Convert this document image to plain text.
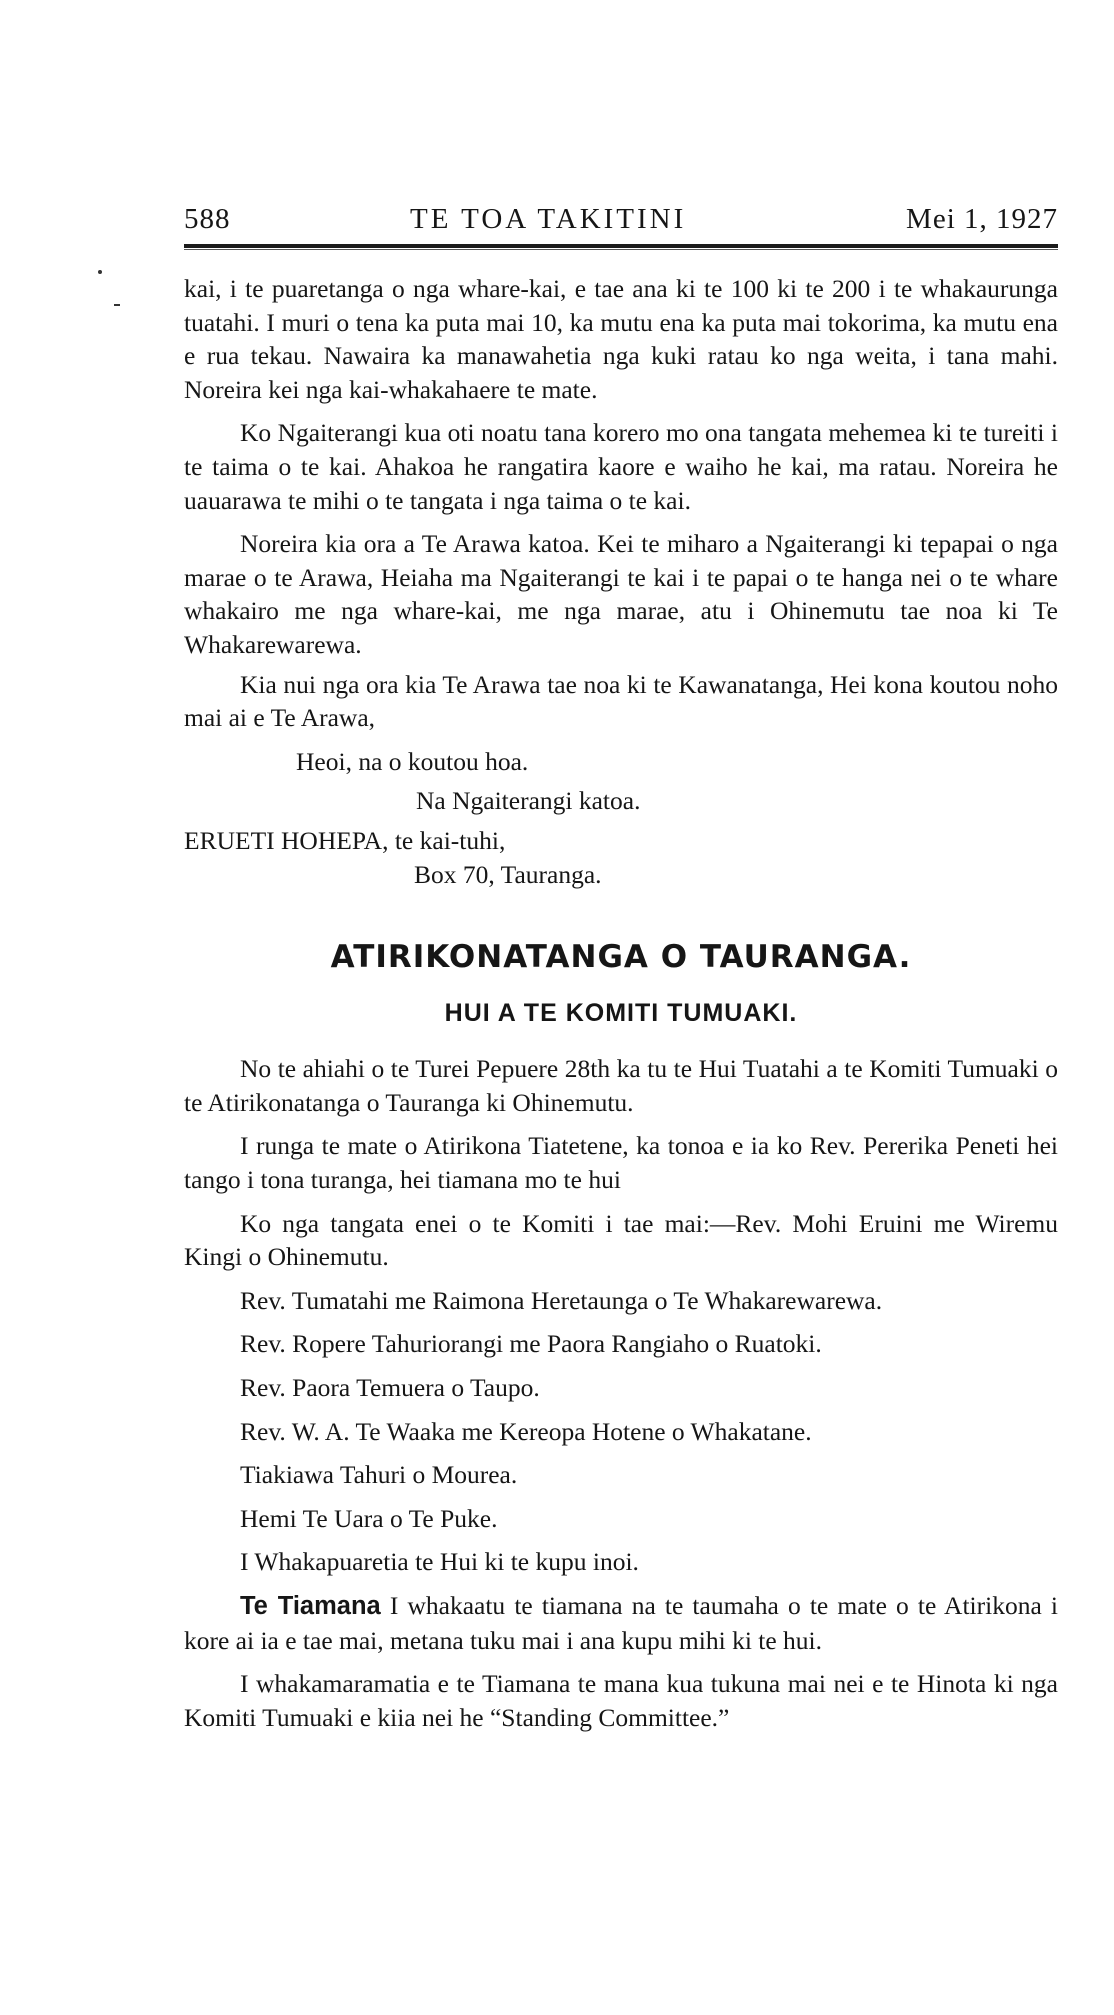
588	TE TOA TAKITINI	Mei 1, 1927

kai, i te puaretanga o nga whare-kai, e tae ana ki te 100 ki te 200 i te whakaurunga tuatahi. I muri o tena ka puta mai 10, ka mutu ena ka puta mai tokorima, ka mutu ena e rua tekau. Nawaira ka manawahetia nga kuki ratau ko nga weita, i tana mahi. Noreira kei nga kai-whakahaere te mate.

Ko Ngaiterangi kua oti noatu tana korero mo ona tangata mehemea ki te tureiti i te taima o te kai. Ahakoa he rangatira kaore e waiho he kai, ma ratau. Noreira he uauarawa te mihi o te tangata i nga taima o te kai.

Noreira kia ora a Te Arawa katoa. Kei te miharo a Ngaiterangi ki tepapai o nga marae o te Arawa, Heiaha ma Ngaiterangi te kai i te papai o te hanga nei o te whare whakairo me nga whare-kai, me nga marae, atu i Ohinemutu tae noa ki Te Whakarewarewa.

Kia nui nga ora kia Te Arawa tae noa ki te Kawanatanga, Hei kona koutou noho mai ai e Te Arawa,

Heoi, na o koutou hoa.

Na Ngaiterangi katoa.

ERUETI HOHEPA, te kai-tuhi,

Box 70, Tauranga.

ATIRIKONATANGA O TAURANGA.

HUI A TE KOMITI TUMUAKI.

No te ahiahi o te Turei Pepuere 28th ka tu te Hui Tuatahi a te Komiti Tumuaki o te Atirikonatanga o Tauranga ki Ohinemutu.

I runga te mate o Atirikona Tiatetene, ka tonoa e ia ko Rev. Pererika Peneti hei tango i tona turanga, hei tiamana mo te hui

Ko nga tangata enei o te Komiti i tae mai:—Rev. Mohi Eruini me Wiremu Kingi o Ohinemutu.

Rev. Tumatahi me Raimona Heretaunga o Te Whakarewarewa.

Rev. Ropere Tahuriorangi me Paora Rangiaho o Ruatoki.

Rev. Paora Temuera o Taupo.

Rev. W. A. Te Waaka me Kereopa Hotene o Whakatane.

Tiakiawa Tahuri o Mourea.

Hemi Te Uara o Te Puke.

I Whakapuaretia te Hui ki te kupu inoi.

Te Tiamana I whakaatu te tiamana na te taumaha o te mate o te Atirikona i kore ai ia e tae mai, metana tuku mai i ana kupu mihi ki te hui.

I whakamaramatia e te Tiamana te mana kua tukuna mai nei e te Hinota ki nga Komiti Tumuaki e kiia nei he “Standing Committee.”
